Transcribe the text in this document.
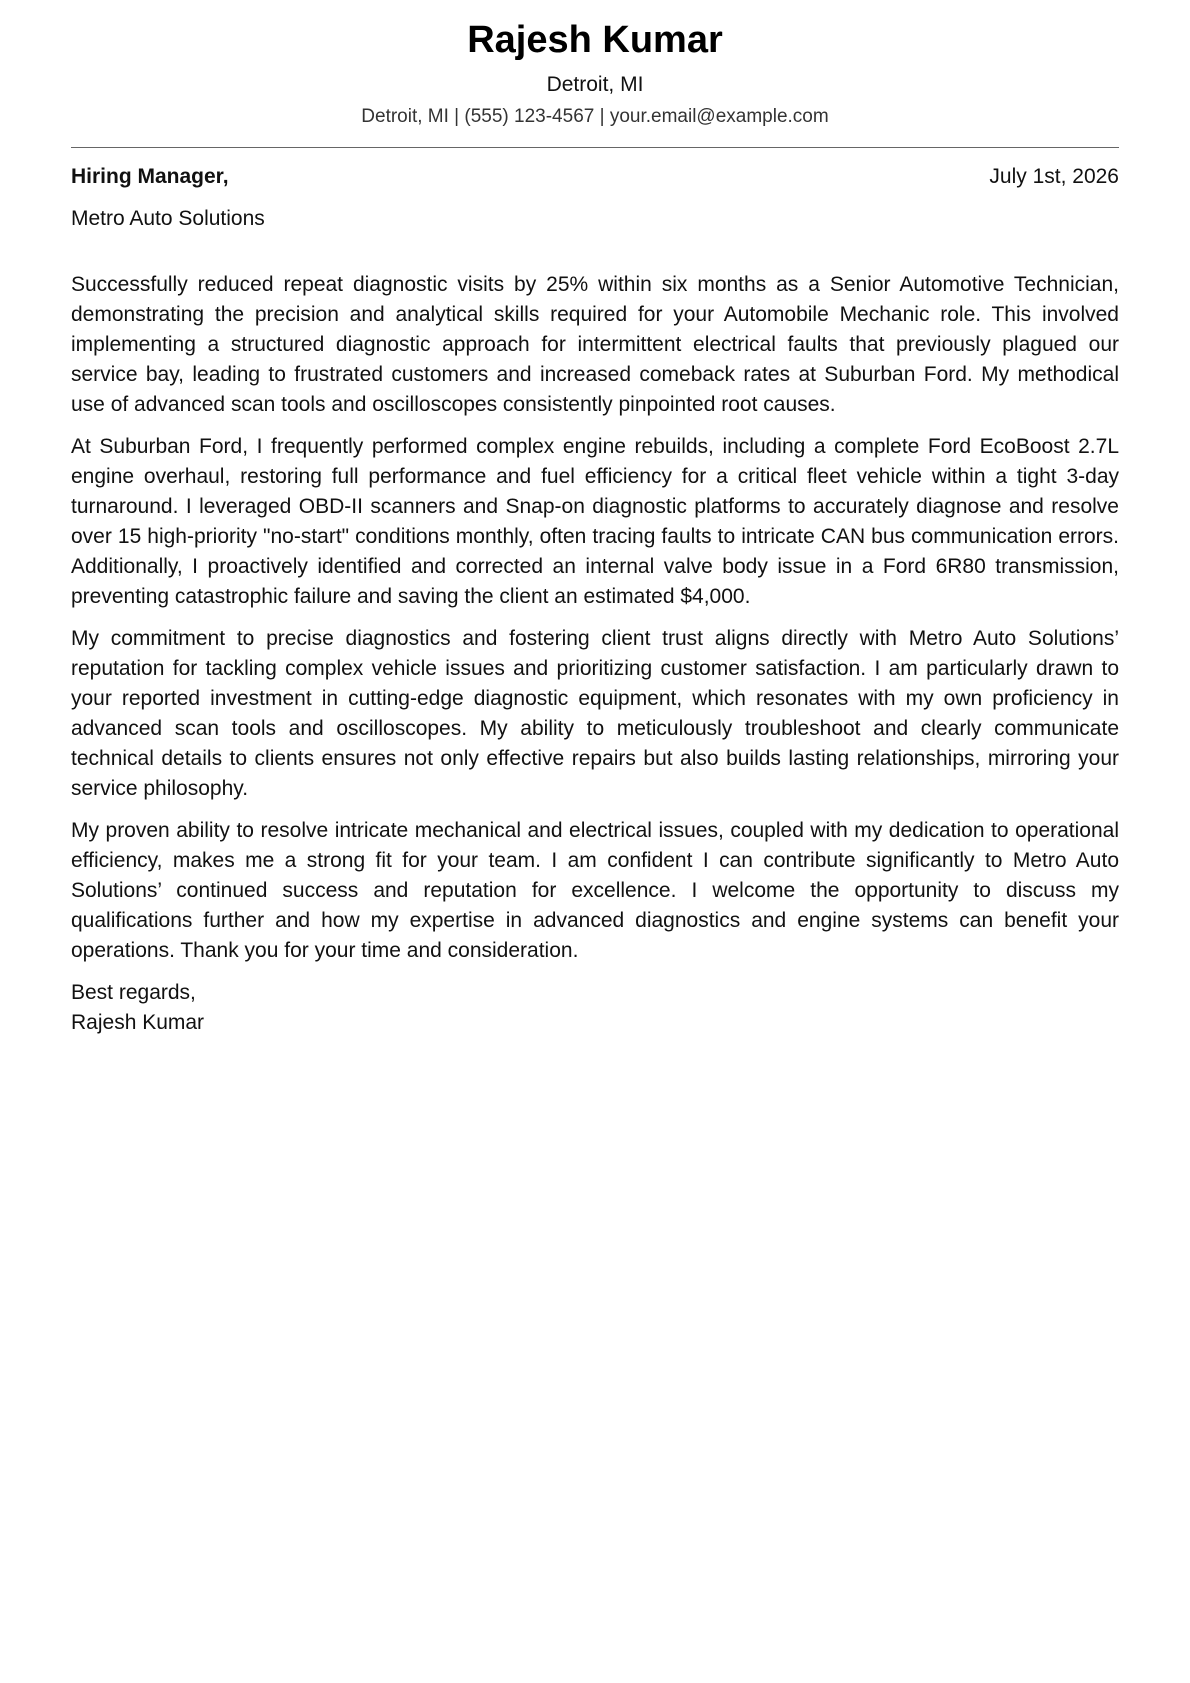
Rajesh Kumar
Detroit, MI
Detroit, MI | (555) 123-4567 | your.email@example.com
Hiring Manager,	July 1st, 2026
Metro Auto Solutions

Successfully reduced repeat diagnostic visits by 25% within six months as a Senior Automotive Technician, demonstrating the precision and analytical skills required for your Automobile Mechanic role. This involved implementing a structured diagnostic approach for intermittent electrical faults that previously plagued our service bay, leading to frustrated customers and increased comeback rates at Suburban Ford. My methodical use of advanced scan tools and oscilloscopes consistently pinpointed root causes.

At Suburban Ford, I frequently performed complex engine rebuilds, including a complete Ford EcoBoost 2.7L engine overhaul, restoring full performance and fuel efficiency for a critical fleet vehicle within a tight 3-day turnaround. I leveraged OBD-II scanners and Snap-on diagnostic platforms to accurately diagnose and resolve over 15 high-priority "no-start" conditions monthly, often tracing faults to intricate CAN bus communication errors. Additionally, I proactively identified and corrected an internal valve body issue in a Ford 6R80 transmission, preventing catastrophic failure and saving the client an estimated $4,000.

My commitment to precise diagnostics and fostering client trust aligns directly with Metro Auto Solutions’ reputation for tackling complex vehicle issues and prioritizing customer satisfaction. I am particularly drawn to your reported investment in cutting-edge diagnostic equipment, which resonates with my own proficiency in advanced scan tools and oscilloscopes. My ability to meticulously troubleshoot and clearly communicate technical details to clients ensures not only effective repairs but also builds lasting relationships, mirroring your service philosophy.

My proven ability to resolve intricate mechanical and electrical issues, coupled with my dedication to operational efficiency, makes me a strong fit for your team. I am confident I can contribute significantly to Metro Auto Solutions’ continued success and reputation for excellence. I welcome the opportunity to discuss my qualifications further and how my expertise in advanced diagnostics and engine systems can benefit your operations. Thank you for your time and consideration.

Best regards,
Rajesh Kumar
